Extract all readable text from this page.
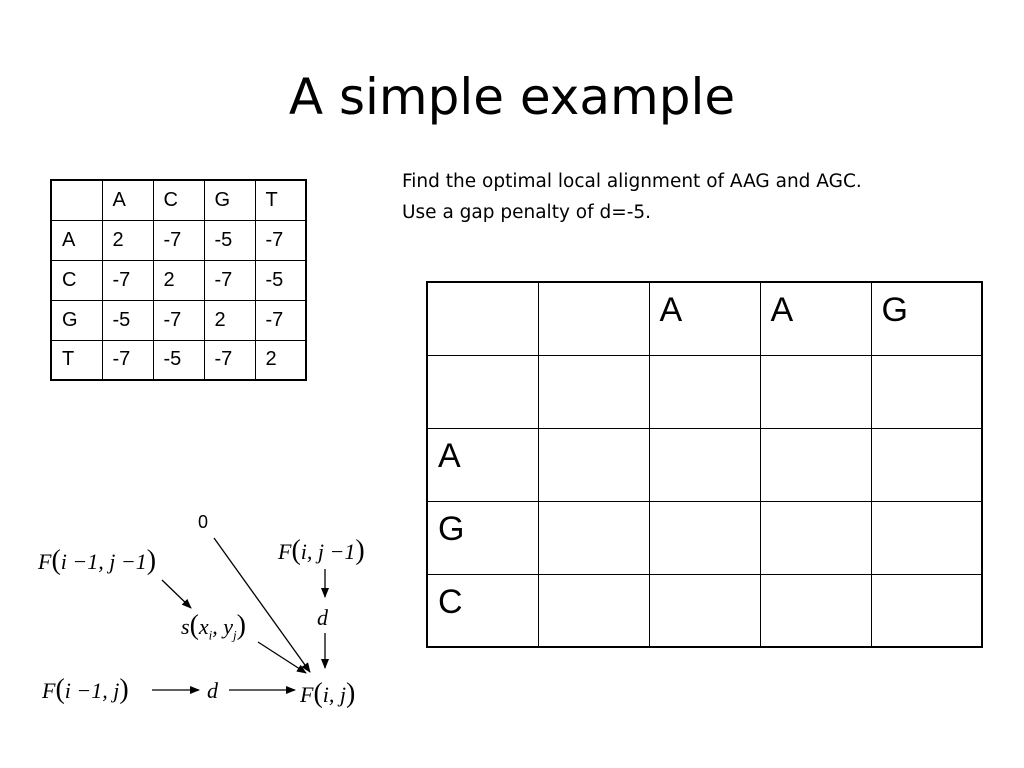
A simple example
Find the optimal local alignment of AAG and AGC.
Use a gap penalty of d=-5.
	A	C	G	T
A	2	-7	-5	-7
C	-7	2	-7	-5
G	-5	-7	2	-7
T	-7	-5	-7	2
		A	A	G

A				
G				
C				
0
F(i −1, j −1)	F(i, j −1)
d
$s(x_i$, $y_j$)
F(i −1, j)	d	F(i, j)
